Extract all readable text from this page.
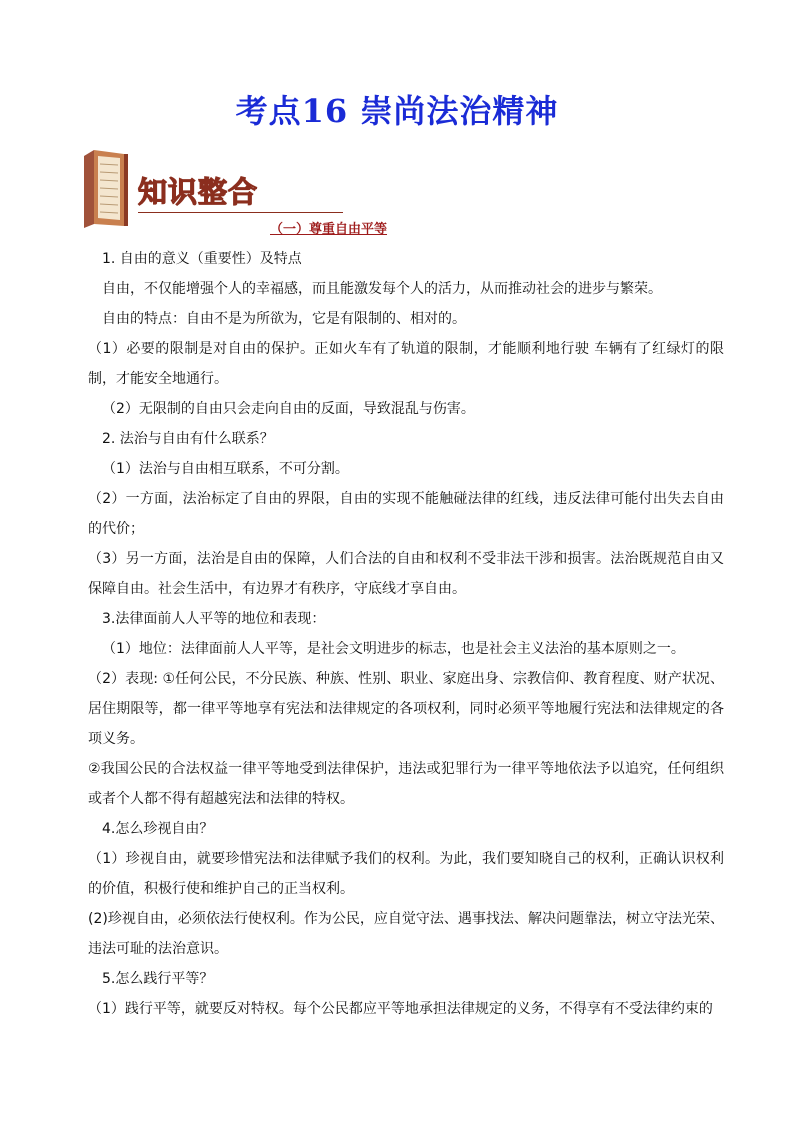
考点16 崇尚法治精神
知识整合
（一）尊重自由平等

1. 自由的意义（重要性）及特点

自由，不仅能增强个人的幸福感，而且能激发每个人的活力，从而推动社会的进步与繁荣。

自由的特点：自由不是为所欲为，它是有限制的、相对的。

（1）必要的限制是对自由的保护。正如火车有了轨道的限制，才能顺利地行驶 车辆有了红绿灯的限制，才能安全地通行。

（2）无限制的自由只会走向自由的反面，导致混乱与伤害。

2. 法治与自由有什么联系？

（1）法治与自由相互联系，不可分割。

（2）一方面，法治标定了自由的界限，自由的实现不能触碰法律的红线，违反法律可能付出失去自由的代价；

（3）另一方面，法治是自由的保障，人们合法的自由和权利不受非法干涉和损害。法治既规范自由又保障自由。社会生活中，有边界才有秩序，守底线才享自由。

3.法律面前人人平等的地位和表现：

（1）地位：法律面前人人平等，是社会文明进步的标志，也是社会主义法治的基本原则之一。

（2）表现: ①任何公民，不分民族、种族、性别、职业、家庭出身、宗教信仰、教育程度、财产状况、居住期限等，都一律平等地享有宪法和法律规定的各项权利，同时必须平等地履行宪法和法律规定的各项义务。

②我国公民的合法权益一律平等地受到法律保护，违法或犯罪行为一律平等地依法予以追究，任何组织或者个人都不得有超越宪法和法律的特权。

4.怎么珍视自由？

（1）珍视自由，就要珍惜宪法和法律赋予我们的权利。为此，我们要知晓自己的权利，正确认识权利的价值，积极行使和维护自己的正当权利。

(2)珍视自由，必须依法行使权利。作为公民，应自觉守法、遇事找法、解决问题靠法，树立守法光荣、违法可耻的法治意识。

5.怎么践行平等？

（1）践行平等，就要反对特权。每个公民都应平等地承担法律规定的义务，不得享有不受法律约束的
